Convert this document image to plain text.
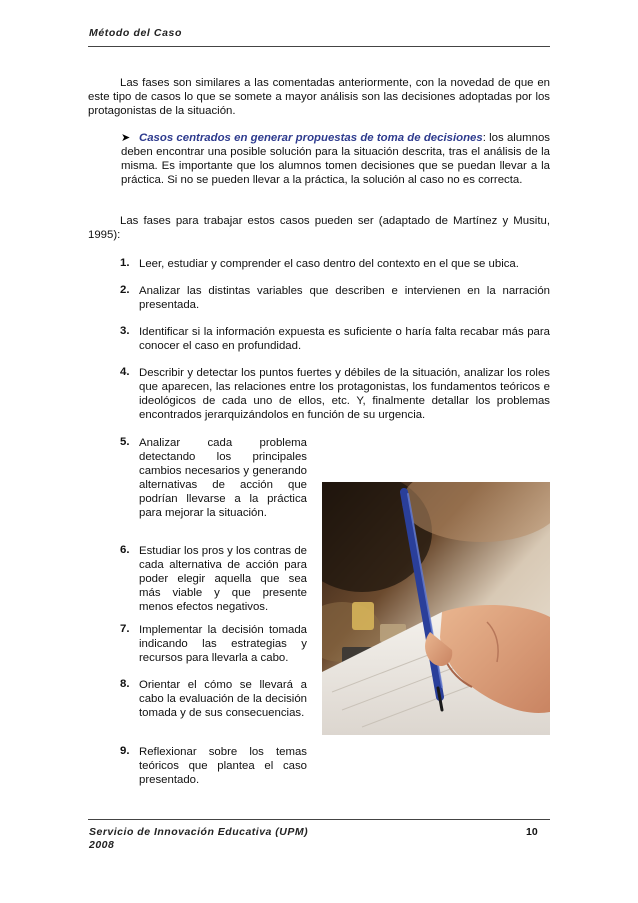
Método del Caso

Las fases son similares a las comentadas anteriormente, con la novedad de que en este tipo de casos lo que se somete a mayor análisis son las decisiones adoptadas por los protagonistas de la situación.

➤ Casos centrados en generar propuestas de toma de decisiones: los alumnos deben encontrar una posible solución para la situación descrita, tras el análisis de la misma. Es importante que los alumnos tomen decisiones que se puedan llevar a la práctica. Si no se pueden llevar a la práctica, la solución al caso no es correcta.

Las fases para trabajar estos casos pueden ser (adaptado de Martínez y Musitu, 1995):

1. Leer, estudiar y comprender el caso dentro del contexto en el que se ubica.
2. Analizar las distintas variables que describen e intervienen en la narración presentada.
3. Identificar si la información expuesta es suficiente o haría falta recabar más para conocer el caso en profundidad.
4. Describir y detectar los puntos fuertes y débiles de la situación, analizar los roles que aparecen, las relaciones entre los protagonistas, los fundamentos teóricos e ideológicos de cada uno de ellos, etc. Y, finalmente detallar los problemas encontrados jerarquizándolos en función de su urgencia.
5. Analizar cada problema detectando los principales cambios necesarios y generando alternativas de acción que podrían llevarse a la práctica para mejorar la situación.
6. Estudiar los pros y los contras de cada alternativa de acción para poder elegir aquella que sea más viable y que presente menos efectos negativos.
7. Implementar la decisión tomada indicando las estrategias y recursos para llevarla a cabo.
8. Orientar el cómo se llevará a cabo la evaluación de la decisión tomada y de sus consecuencias.
9. Reflexionar sobre los temas teóricos que plantea el caso presentado.
Servicio de Innovación Educativa (UPM)
2008
10
